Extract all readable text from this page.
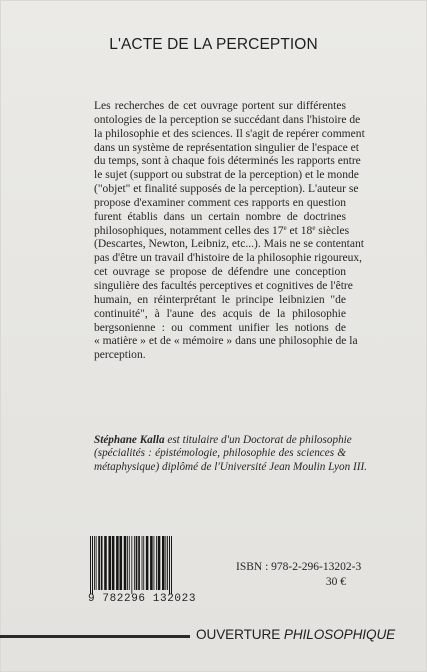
L'ACTE DE LA PERCEPTION
Les recherches de cet ouvrage portent sur différentes
ontologies de la perception se succédant dans l'histoire de
la philosophie et des sciences. Il s'agit de repérer comment
dans un système de représentation singulier de l'espace et
du temps, sont à chaque fois déterminés les rapports entre
le sujet (support ou substrat de la perception) et le monde
("objet" et finalité supposés de la perception). L'auteur se
propose d'examiner comment ces rapports en question
furent établis dans un certain nombre de doctrines
philosophiques, notamment celles des 17e et 18e siècles
(Descartes, Newton, Leibniz, etc...). Mais ne se contentant
pas d'être un travail d'histoire de la philosophie rigoureux,
cet ouvrage se propose de défendre une conception
singulière des facultés perceptives et cognitives de l'être
humain, en réinterprétant le principe leibnizien "de
continuité", à l'aune des acquis de la philosophie
bergsonienne : ou comment unifier les notions de
« matière » et de « mémoire » dans une philosophie de la
perception.
Stéphane Kalla est titulaire d'un Doctorat de philosophie
(spécialités : épistémologie, philosophie des sciences &
métaphysique) diplômé de l'Université Jean Moulin Lyon III.
9 782296 132023
ISBN : 978-2-296-13202-3
30 €
OUVERTURE PHILOSOPHIQUE
